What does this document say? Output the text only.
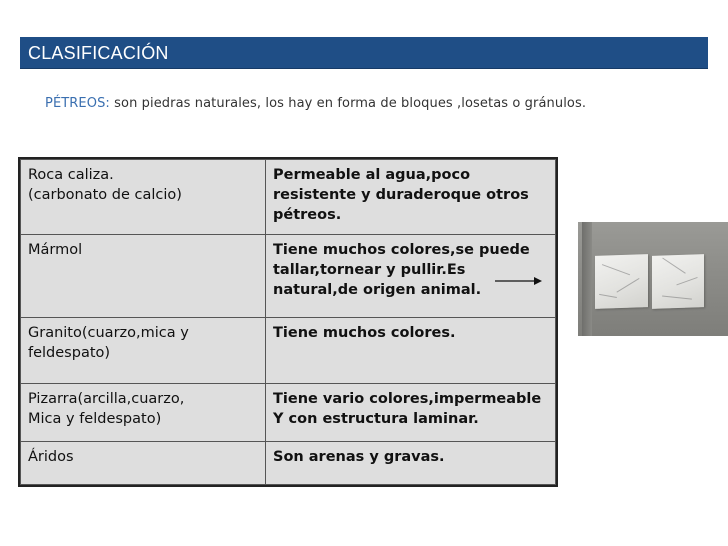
CLASIFICACIÓN
PÉTREOS: son piedras naturales, los hay en forma de bloques ,losetas o gránulos.
Roca caliza.
(carbonato de calcio)	Permeable al agua,poco
resistente y duraderoque otros
pétreos.

Mármol	Tiene muchos colores,se puede
tallar,tornear y pullir.Es
natural,de origen animal.

Granito(cuarzo,mica y
feldespato)	Tiene muchos colores.

Pizarra(arcilla,cuarzo,
Mica y feldespato)	Tiene vario colores,impermeable
Y con estructura laminar.

Áridos	Son arenas y gravas.
